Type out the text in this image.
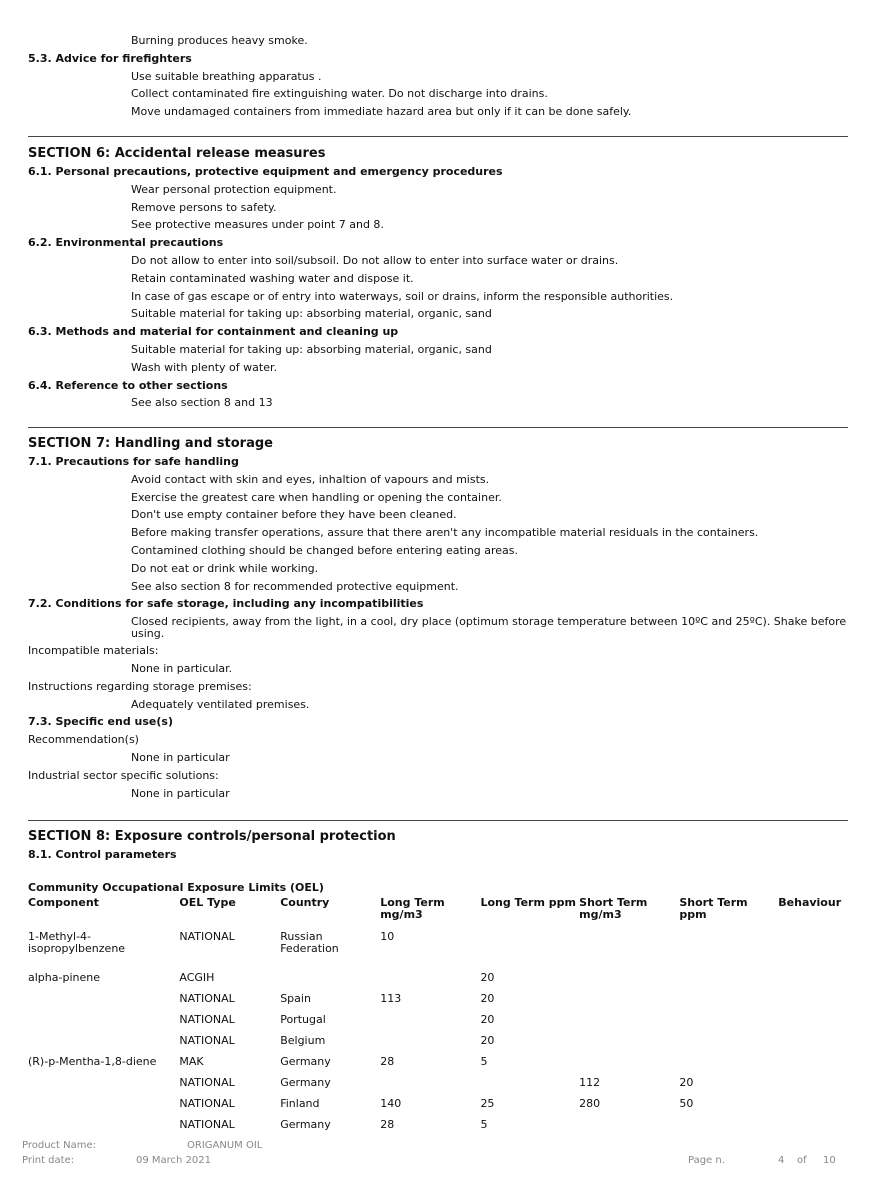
Burning produces heavy smoke.
5.3. Advice for firefighters
Use suitable breathing apparatus .
Collect contaminated fire extinguishing water. Do not discharge into drains.
Move undamaged containers from immediate hazard area but only if it can be done safely.
SECTION 6: Accidental release measures
6.1. Personal precautions, protective equipment and emergency procedures
Wear personal protection equipment.
Remove persons to safety.
See protective measures under point 7 and 8.
6.2. Environmental precautions
Do not allow to enter into soil/subsoil. Do not allow to enter into surface water or drains.
Retain contaminated washing water and dispose it.
In case of gas escape or of entry into waterways, soil or drains, inform the responsible authorities.
Suitable material for taking up: absorbing material, organic, sand
6.3. Methods and material for containment and cleaning up
Suitable material for taking up: absorbing material, organic, sand
Wash with plenty of water.
6.4. Reference to other sections
See also section 8 and 13
SECTION 7: Handling and storage
7.1. Precautions for safe handling
Avoid contact with skin and eyes, inhaltion of vapours and mists.
Exercise the greatest care when handling or opening the container.
Don't use empty container before they have been cleaned.
Before making transfer operations, assure that there aren't any incompatible material residuals in the containers.
Contamined clothing should be changed before entering eating areas.
Do not eat or drink while working.
See also section 8 for recommended protective equipment.
7.2. Conditions for safe storage, including any incompatibilities
Closed recipients, away from the light, in a cool, dry place (optimum storage temperature between 10ºC and 25ºC). Shake before using.
Incompatible materials:
None in particular.
Instructions regarding storage premises:
Adequately ventilated premises.
7.3. Specific end use(s)
Recommendation(s)
None in particular
Industrial sector specific solutions:
None in particular
SECTION 8: Exposure controls/personal protection
8.1. Control parameters
Community Occupational Exposure Limits (OEL)
Component	OEL Type	Country	Long Term mg/m3	Long Term ppm	Short Term mg/m3	Short Term ppm	Behaviour
1-Methyl-4-isopropylbenzene	NATIONAL	Russian Federation	10				
alpha-pinene	ACGIH			20			
	NATIONAL	Spain	113	20			
	NATIONAL	Portugal		20			
	NATIONAL	Belgium		20			
(R)-p-Mentha-1,8-diene	MAK	Germany	28	5			
	NATIONAL	Germany			112	20	
	NATIONAL	Finland	140	25	280	50	
	NATIONAL	Germany	28	5			
Product Name:	ORIGANUM OIL
Print date:	09 March 2021	Page n.	4 of 10
